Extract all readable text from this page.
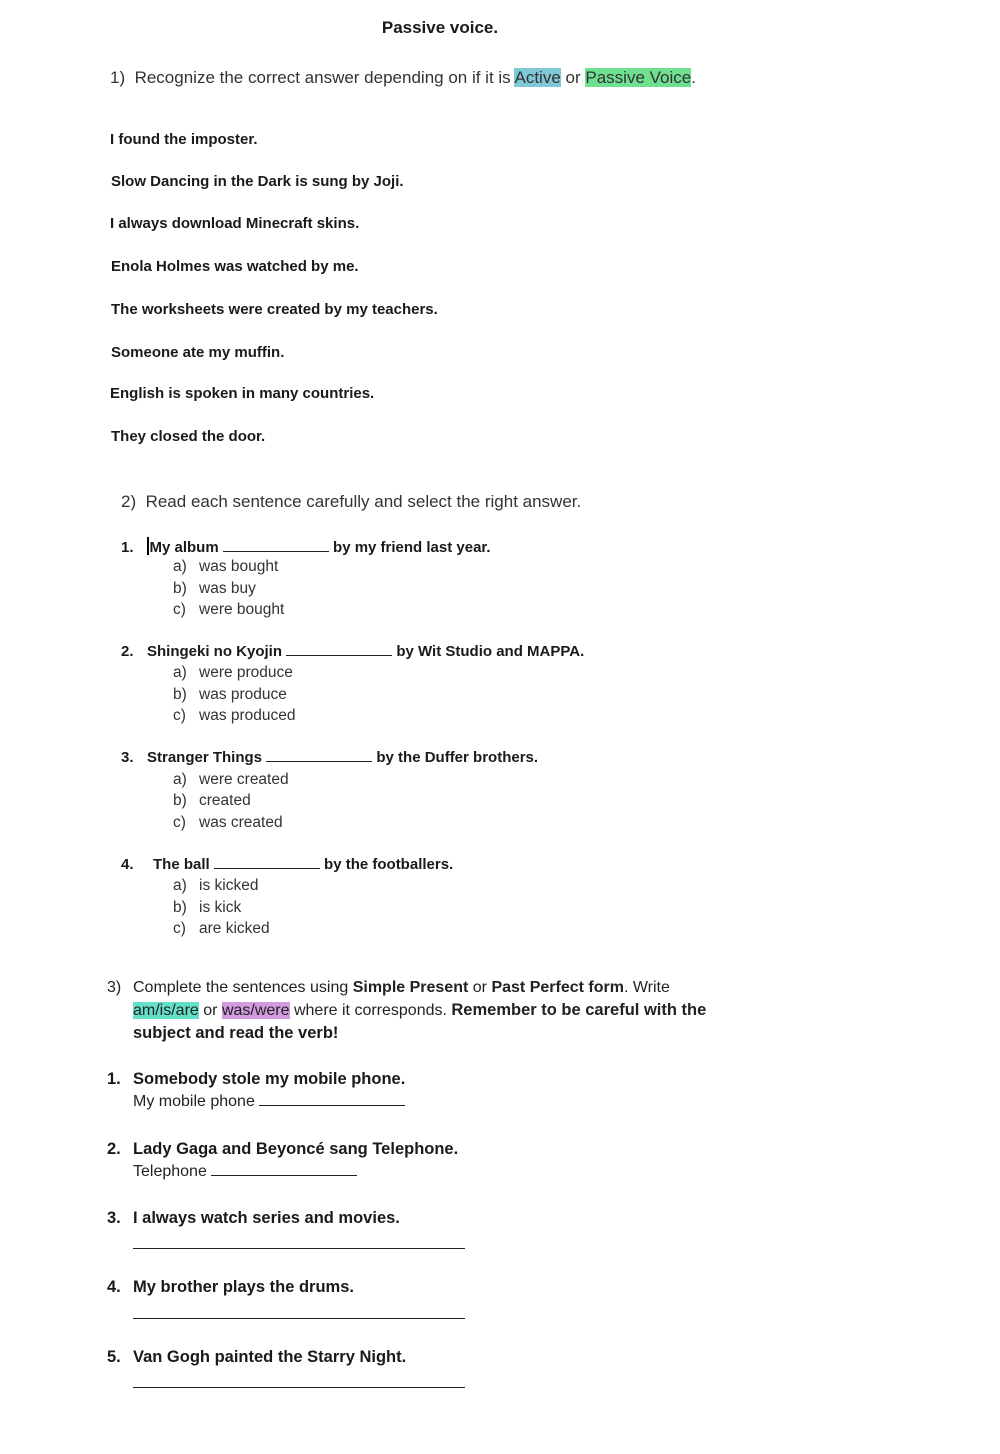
Passive voice.
1) Recognize the correct answer depending on if it is Active or Passive Voice.
I found the imposter.
Slow Dancing in the Dark is sung by Joji.
I always download Minecraft skins.
Enola Holmes was watched by me.
The worksheets were created by my teachers.
Someone ate my muffin.
English is spoken in many countries.
They closed the door.
2) Read each sentence carefully and select the right answer.
1. My album	by my friend last year.
a) was bought
b) was buy
c) were bought
2. Shingeki no Kyojin	by Wit Studio and MAPPA.
a) were produce
b) was produce
c) was produced
3. Stranger Things	by the Duffer brothers.
a) were created
b) created
c) was created
4. The ball	by the footballers.
a) is kicked
b) is kick
c) are kicked
3) Complete the sentences using Simple Present or Past Perfect form. Write
am/is/are or was/were where it corresponds. Remember to be careful with the
subject and read the verb!
1. Somebody stole my mobile phone.
My mobile phone
2. Lady Gaga and Beyoncé sang Telephone.
Telephone
3. I always watch series and movies.
4. My brother plays the drums.
5. Van Gogh painted the Starry Night.
